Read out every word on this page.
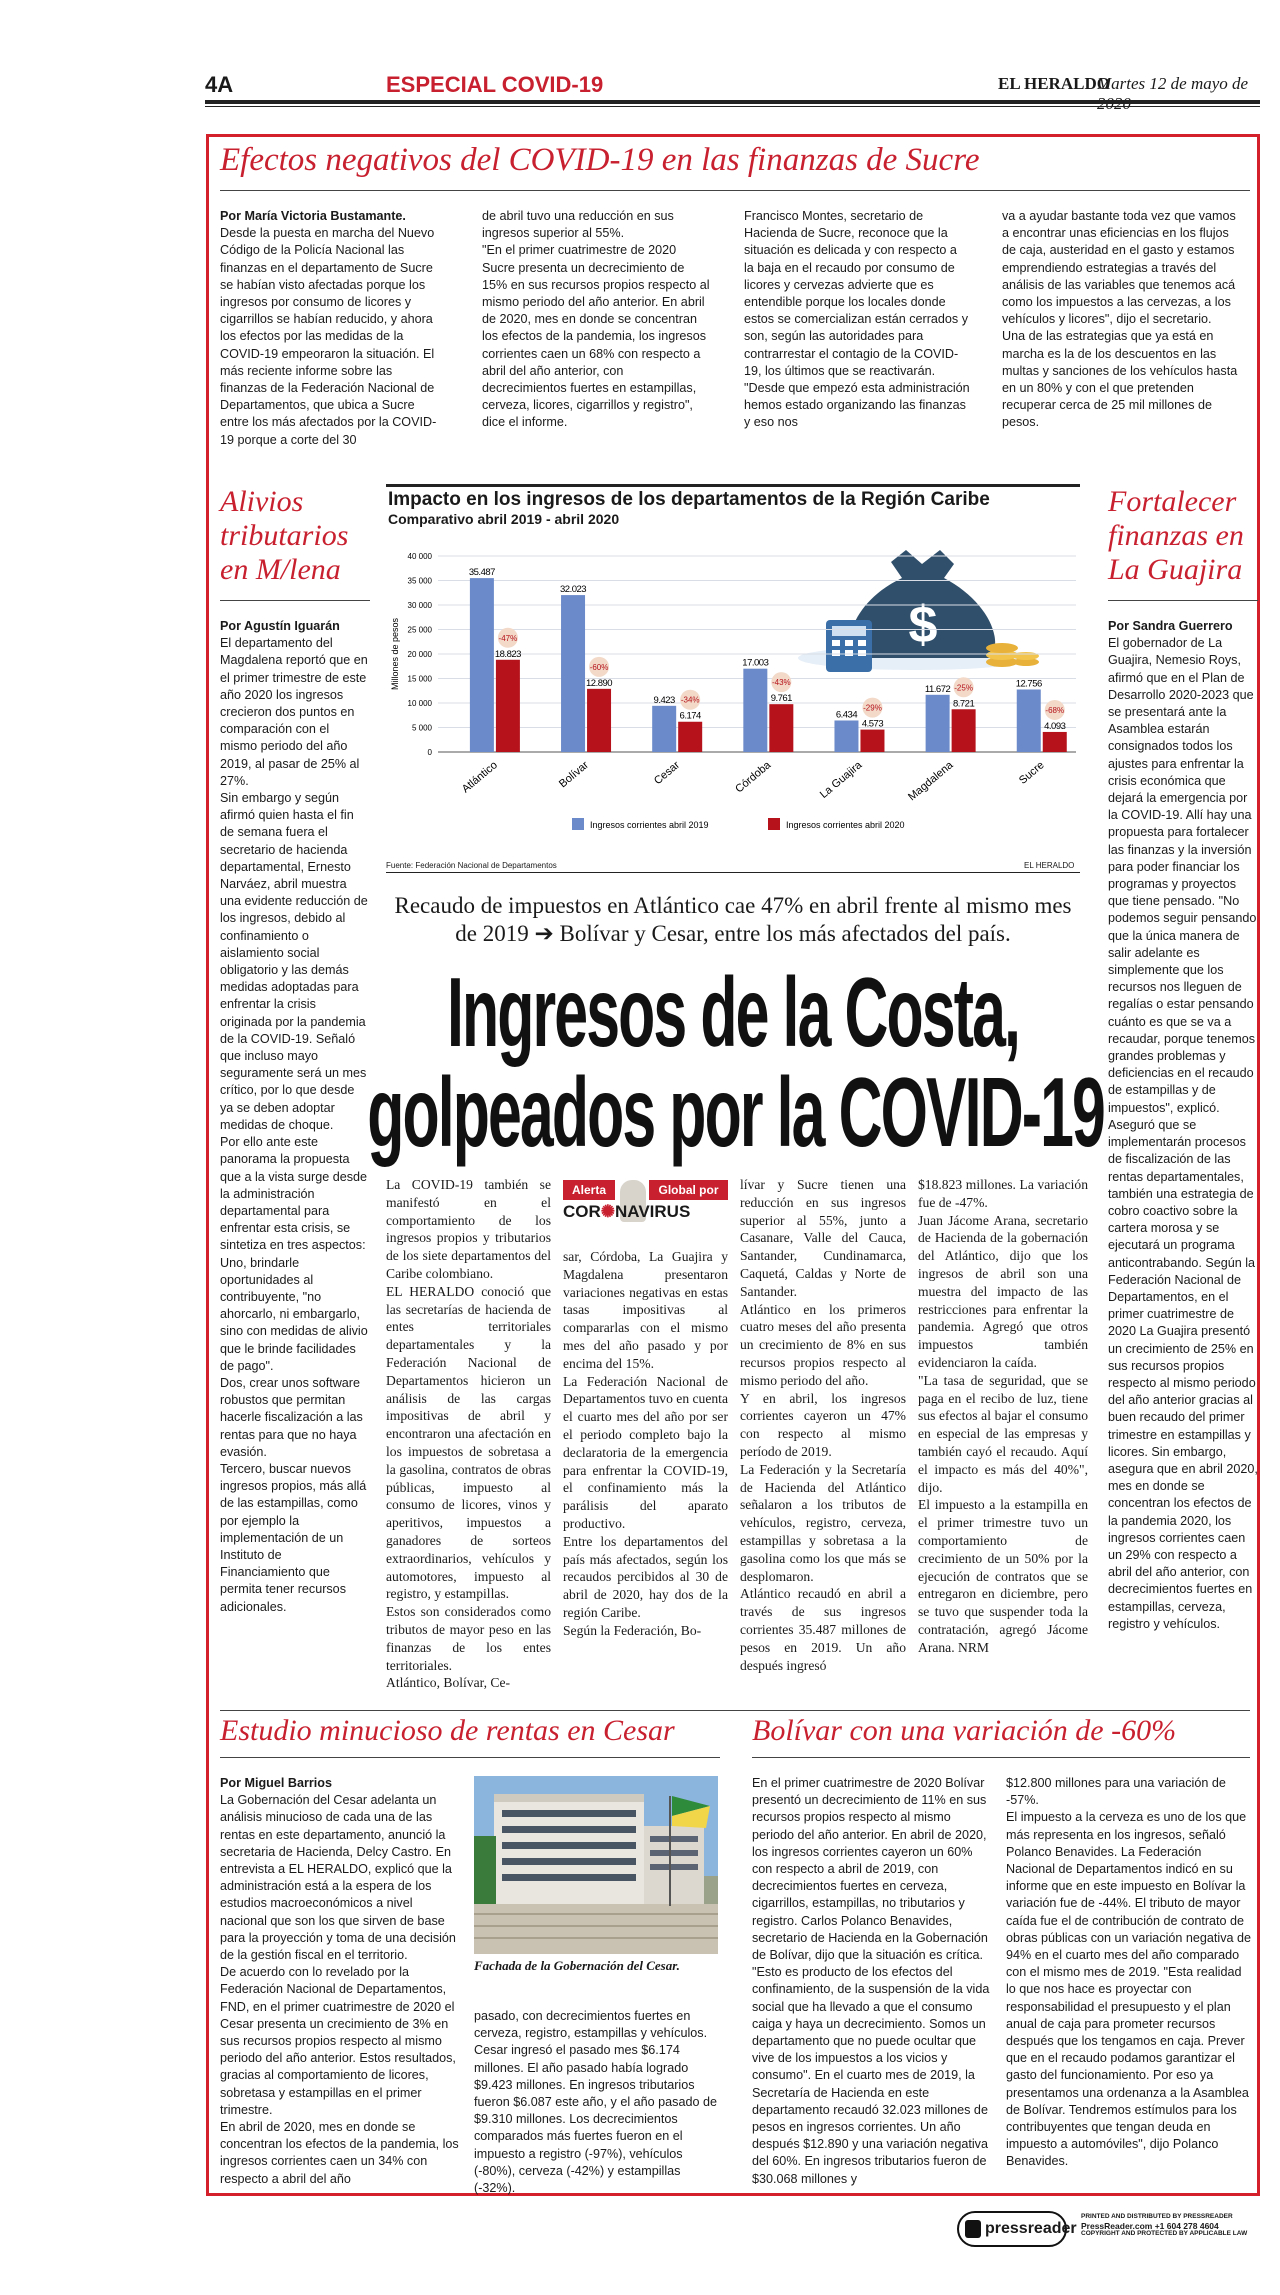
4A	ESPECIAL COVID-19	EL HERALDO
Martes 12 de mayo de
Efectos negativos del COVID-19 en las finanzas de Sucre

Por María Victoria Bustamante.

Desde la puesta en marcha del Nuevo Código de la Policía Nacional las finanzas en el departamento de Sucre se habían visto afectadas porque los ingresos por consumo de licores y cigarrillos se habían reducido, y ahora los efectos por las medidas de la COVID-19 empeoraron la situación. El más reciente informe sobre las finanzas de la Federación Nacional de Departamentos, que ubica a Sucre entre los más afectados por la COVID-19 porque a corte del 30

de abril tuvo una reducción en sus ingresos superior al 55%.
"En el primer cuatrimestre de 2020 Sucre presenta un decrecimiento de 15% en sus recursos propios respecto al mismo periodo del año anterior. En abril de 2020, mes en donde se concentran los efectos de la pandemia, los ingresos corrientes caen un 68% con respecto a abril del año anterior, con decrecimientos fuertes en estampillas, cerveza, licores, cigarrillos y registro", dice el informe.
Francisco Montes, secretario de Hacienda de Sucre, reconoce que la situación es delicada y con respecto a la baja en el recaudo por consumo de licores y cervezas advierte que es entendible porque los locales donde estos se comercializan están cerrados y son, según las autoridades para contrarrestar el contagio de la COVID-19, los últimos que se reactivarán.
"Desde que empezó esta administración hemos estado organizando las finanzas y eso nos
va a ayudar bastante toda vez que vamos a encontrar unas eficiencias en los flujos de caja, austeridad en el gasto y estamos emprendiendo estrategias a través del análisis de las variables que tenemos acá como los impuestos a las cervezas, a los vehículos y licores", dijo el secretario.
Una de las estrategias que ya está en marcha es la de los descuentos en las multas y sanciones de los vehículos hasta en un 80% y con el que pretenden recuperar cerca de 25 mil millones de pesos.
Alivios tributarios en M/lena

Por Agustín Iguarán

El departamento del Magdalena reportó que en el primer trimestre de este año 2020 los ingresos crecieron dos puntos en comparación con el mismo periodo del año 2019, al pasar de 25% al 27%.
Sin embargo y según afirmó quien hasta el fin de semana fuera el secretario de hacienda departamental, Ernesto Narváez, abril muestra una evidente reducción de los ingresos, debido al confinamiento o aislamiento social obligatorio y las demás medidas adoptadas para enfrentar la crisis originada por la pandemia de la COVID-19. Señaló que incluso mayo seguramente será un mes crítico, por lo que desde ya se deben adoptar medidas de choque.
Por ello ante este panorama la propuesta que a la vista surge desde la administración departamental para enfrentar esta crisis, se sintetiza en tres aspectos:
Uno, brindarle oportunidades al contribuyente, "no ahorcarlo, ni embargarlo, sino con medidas de alivio que le brinde facilidades de pago".
Dos, crear unos software robustos que permitan hacerle fiscalización a las rentas para que no haya evasión.
Tercero, buscar nuevos ingresos propios, más allá de las estampillas, como por ejemplo la implementación de un Instituto de Financiamiento que permita tener recursos adicionales.

Fortalecer finanzas en La Guajira

Por Sandra Guerrero

El gobernador de La Guajira, Nemesio Roys, afirmó que en el Plan de Desarrollo 2020-2023 que se presentará ante la Asamblea estarán consignados todos los ajustes para enfrentar la crisis económica que dejará la emergencia por la COVID-19. Allí hay una propuesta para fortalecer las finanzas y la inversión para poder financiar los programas y proyectos que tiene pensado. "No podemos seguir pensando que la única manera de salir adelante es simplemente que los recursos nos lleguen de regalías o estar pensando cuánto es que se va a recaudar, porque tenemos grandes problemas y deficiencias en el recaudo de estampillas y de impuestos", explicó. Aseguró que se implementarán procesos de fiscalización de las rentas departamentales, también una estrategia de cobro coactivo sobre la cartera morosa y se ejecutará un programa anticontrabando. Según la Federación Nacional de Departamentos, en el primer cuatrimestre de 2020 La Guajira presentó un crecimiento de 25% en sus recursos propios respecto al mismo periodo del año anterior gracias al buen recaudo del primer trimestre en estampillas y licores. Sin embargo, asegura que en abril 2020, mes en donde se concentran los efectos de la pandemia 2020, los ingresos corrientes caen un 29% con respecto a abril del año anterior, con decrecimientos fuertes en estampillas, cerveza, registro y vehículos.

Impacto en los ingresos de los departamentos de la Región Caribe
Comparativo abril 2019 - abril 2020
$
0
5 000
10 000
15 000
20 000
25 000
30 000
35 000
40 000
Millones de pesos
35.487
18.823
-47%
Atlántico
32.023
12.890
-60%
Bolívar
9.423
6.174
-34%
Cesar
17.003
9.761
-43%
Córdoba
6.434
4.573
-29%
La Guajira
11.672
8.721
-25%
Magdalena
12.756
4.093
-68%
Sucre
Ingresos corrientes abril 2019	Ingresos corrientes abril 2020
Fuente: Federación Nacional de Departamentos	EL HERALDO
Recaudo de impuestos en Atlántico cae 47% en abril frente al mismo mes de 2019 ➔ Bolívar y Cesar, entre los más afectados del país.
Ingresos de la Costa,
golpeados por la COVID-19
La COVID-19 también se manifestó en el comportamiento de los ingresos propios y tributarios de los siete departamentos del Caribe colombiano.
EL HERALDO conoció que las secretarías de hacienda de entes territoriales departamentales y la Federación Nacional de Departamentos hicieron un análisis de las cargas impositivas de abril y encontraron una afectación en los impuestos de sobretasa a la gasolina, contratos de obras públicas, impuesto al consumo de licores, vinos y aperitivos, impuestos a ganadores de sorteos extraordinarios, vehículos y automotores, impuesto al registro, y estampillas.
Estos son considerados como tributos de mayor peso en las finanzas de los entes territoriales.
Atlántico, Bolívar, Ce-
Alerta	Global por
COR✺NAVIRUS
sar, Córdoba, La Guajira y Magdalena presentaron variaciones negativas en estas tasas impositivas al compararlas con el mismo mes del año pasado y por encima del 15%.
La Federación Nacional de Departamentos tuvo en cuenta el cuarto mes del año por ser el periodo completo bajo la declaratoria de la emergencia para enfrentar la COVID-19, el confinamiento más la parálisis del aparato productivo.
Entre los departamentos del país más afectados, según los recaudos percibidos al 30 de abril de 2020, hay dos de la región Caribe.
Según la Federación, Bo-
lívar y Sucre tienen una reducción en sus ingresos superior al 55%, junto a Casanare, Valle del Cauca, Santander, Cundinamarca, Caquetá, Caldas y Norte de Santander.
Atlántico en los primeros cuatro meses del año presenta un crecimiento de 8% en sus recursos propios respecto al mismo periodo del año.
Y en abril, los ingresos corrientes cayeron un 47% con respecto al mismo período de 2019.
La Federación y la Secretaría de Hacienda del Atlántico señalaron a los tributos de vehículos, registro, cerveza, estampillas y sobretasa a la gasolina como los que más se desplomaron.
Atlántico recaudó en abril a través de sus ingresos corrientes 35.487 millones de pesos en 2019. Un año después ingresó
$18.823 millones. La variación fue de -47%.
Juan Jácome Arana, secretario de Hacienda de la gobernación del Atlántico, dijo que los ingresos de abril son una muestra del impacto de las restricciones para enfrentar la pandemia. Agregó que otros impuestos también evidenciaron la caída.
"La tasa de seguridad, que se paga en el recibo de luz, tiene sus efectos al bajar el consumo en especial de las empresas y también cayó el recaudo. Aquí el impacto es más del 40%", dijo.
El impuesto a la estampilla en el primer trimestre tuvo un comportamiento de crecimiento de un 50% por la ejecución de contratos que se entregaron en diciembre, pero se tuvo que suspender toda la contratación, agregó Jácome Arana. NRM
Estudio minucioso de rentas en Cesar	Bolívar con una variación de -60%

Por Miguel Barrios

La Gobernación del Cesar adelanta un análisis minucioso de cada una de las rentas en este departamento, anunció la secretaria de Hacienda, Delcy Castro. En entrevista a EL HERALDO, explicó que la administración está a la espera de los estudios macroeconómicos a nivel nacional que son los que sirven de base para la proyección y toma de una decisión de la gestión fiscal en el territorio.
De acuerdo con lo revelado por la Federación Nacional de Departamentos, FND, en el primer cuatrimestre de 2020 el Cesar presenta un crecimiento de 3% en sus recursos propios respecto al mismo periodo del año anterior. Estos resultados, gracias al comportamiento de licores, sobretasa y estampillas en el primer trimestre.
En abril de 2020, mes en donde se concentran los efectos de la pandemia, los ingresos corrientes caen un 34% con respecto a abril del año

Fachada de la Gobernación del Cesar.
pasado, con decrecimientos fuertes en cerveza, registro, estampillas y vehículos. Cesar ingresó el pasado mes $6.174 millones. El año pasado había logrado $9.423 millones. En ingresos tributarios fueron $6.087 este año, y el año pasado de $9.310 millones. Los decrecimientos comparados más fuertes fueron en el impuesto a registro (-97%), vehículos (-80%), cerveza (-42%) y estampillas (-32%).
En el primer cuatrimestre de 2020 Bolívar presentó un decrecimiento de 11% en sus recursos propios respecto al mismo periodo del año anterior. En abril de 2020, los ingresos corrientes cayeron un 60% con respecto a abril de 2019, con decrecimientos fuertes en cerveza, cigarrillos, estampillas, no tributarios y registro. Carlos Polanco Benavides, secretario de Hacienda en la Gobernación de Bolívar, dijo que la situación es crítica. "Esto es producto de los efectos del confinamiento, de la suspensión de la vida social que ha llevado a que el consumo caiga y haya un decrecimiento. Somos un departamento que no puede ocultar que vive de los impuestos a los vicios y consumo". En el cuarto mes de 2019, la Secretaría de Hacienda en este departamento recaudó 32.023 millones de pesos en ingresos corrientes. Un año después $12.890 y una variación negativa del 60%. En ingresos tributarios fueron de $30.068 millones y
$12.800 millones para una variación de -57%.
El impuesto a la cerveza es uno de los que más representa en los ingresos, señaló Polanco Benavides. La Federación Nacional de Departamentos indicó en su informe que en este impuesto en Bolívar la variación fue de -44%. El tributo de mayor caída fue el de contribución de contrato de obras públicas con un variación negativa de 94% en el cuarto mes del año comparado con el mismo mes de 2019. "Esta realidad lo que nos hace es proyectar con responsabilidad el presupuesto y el plan anual de caja para prometer recursos después que los tengamos en caja. Prever que en el recaudo podamos garantizar el gasto del funcionamiento. Por eso ya presentamos una ordenanza a la Asamblea de Bolívar. Tendremos estímulos para los contribuyentes que tengan deuda en impuesto a automóviles", dijo Polanco Benavides.
pressreader
PRINTED AND DISTRIBUTED BY PRESSREADER
PressReader.com +1 604 278 4604
COPYRIGHT AND PROTECTED BY APPLICABLE LAW
